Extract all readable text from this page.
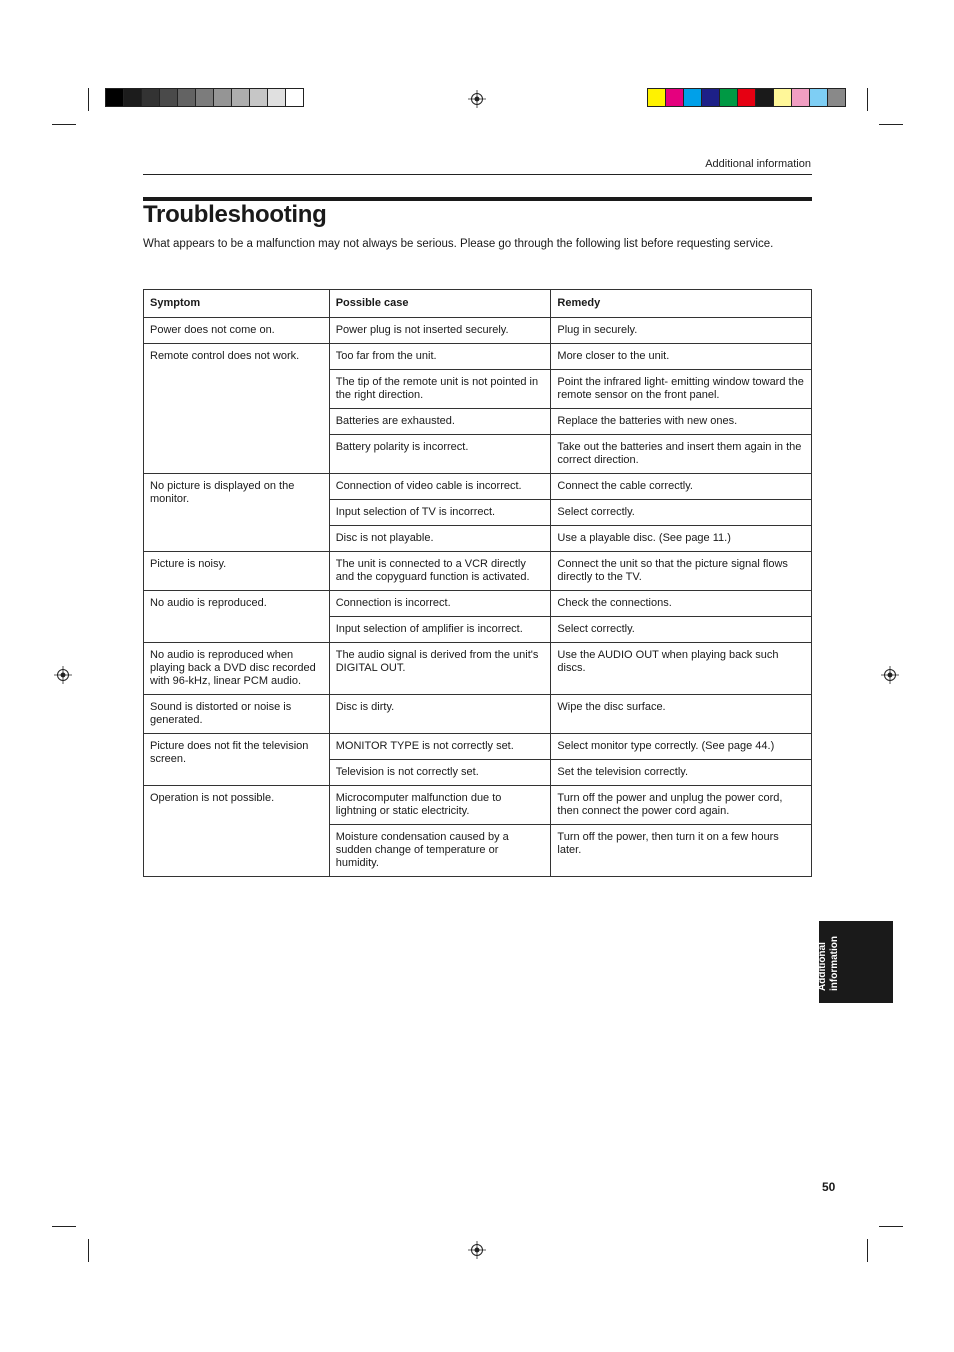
Additional information
Troubleshooting
What appears to be a malfunction may not always be serious. Please go through the following list before requesting service.
Symptom	Possible case	Remedy
Power does not come on.	Power plug is not inserted securely.	Plug in securely.
Remote control does not work.	Too far from the unit.	More closer to the unit.
	The tip of the remote unit is not pointed in the right direction.	Point the infrared light- emitting window toward the remote sensor on the front panel.
	Batteries are exhausted.	Replace the batteries with new ones.
	Battery polarity is incorrect.	Take out the batteries and insert them again in the correct direction.
No picture is displayed on the monitor.	Connection of video cable is incorrect.	Connect the cable correctly.
	Input selection of TV is incorrect.	Select correctly.
	Disc is not playable.	Use a playable disc. (See page 11.)
Picture is noisy.	The unit is connected to a VCR directly and the copyguard function is activated.	Connect the unit so that the picture signal flows directly to the TV.
No audio is reproduced.	Connection is incorrect.	Check the connections.
	Input selection of amplifier is incorrect.	Select correctly.
No audio is reproduced when playing back a DVD disc recorded with 96-kHz, linear PCM audio.	The audio signal is derived from the unit's DIGITAL OUT.	Use the AUDIO OUT when playing back such discs.
Sound is distorted or noise is generated.	Disc is dirty.	Wipe the disc surface.
Picture does not fit the television screen.	MONITOR TYPE is not correctly set.	Select monitor type correctly. (See page 44.)
	Television is not correctly set.	Set the television correctly.
Operation is not possible.	Microcomputer malfunction due to lightning or static electricity.	Turn off the power and unplug the power cord, then connect the power cord again.
	Moisture condensation caused by a sudden change of temperature or humidity.	Turn off the power, then turn it on a few hours later.
Additional information
50
